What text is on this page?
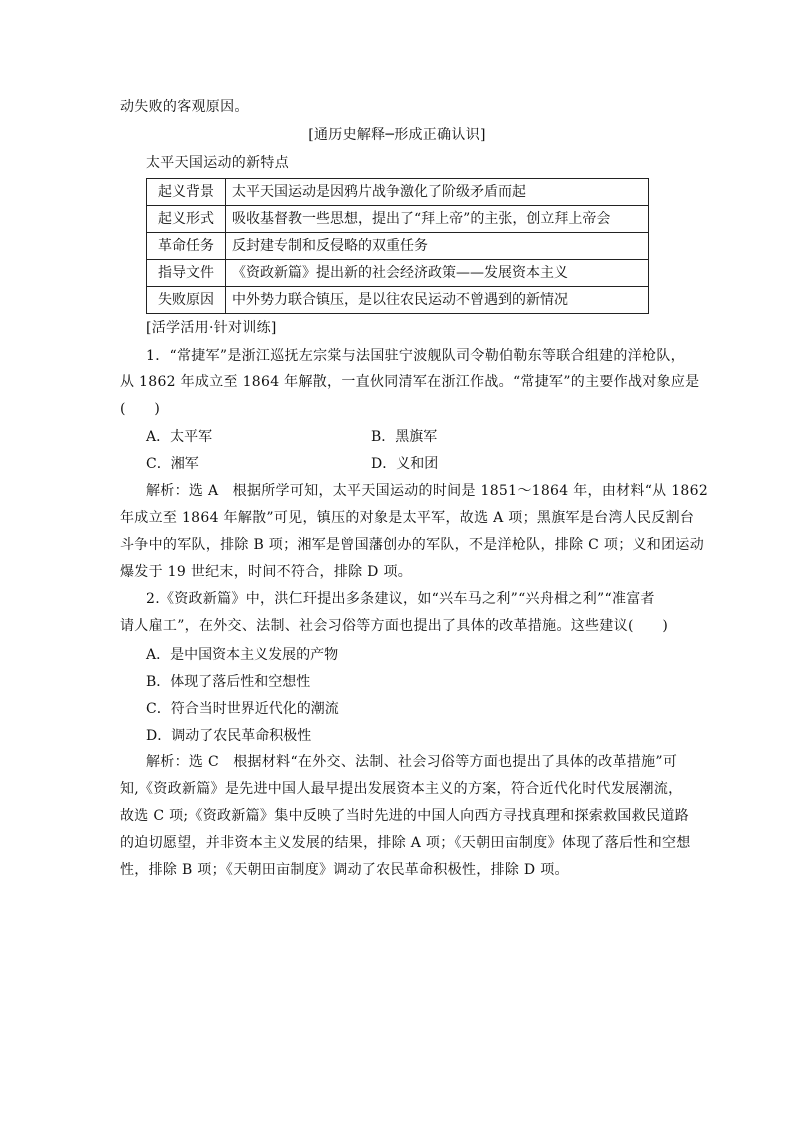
动失败的客观原因。
[通历史解释─形成正确认识]
太平天国运动的新特点
起义背景	太平天国运动是因鸦片战争激化了阶级矛盾而起
起义形式	吸收基督教一些思想，提出了“拜上帝”的主张，创立拜上帝会
革命任务	反封建专制和反侵略的双重任务
指导文件	《资政新篇》提出新的社会经济政策——发展资本主义
失败原因	中外势力联合镇压，是以往农民运动不曾遇到的新情况
[活学活用·针对训练]
1．“常捷军”是浙江巡抚左宗棠与法国驻宁波舰队司令勒伯勒东等联合组建的洋枪队，
从 1862 年成立至 1864 年解散，一直伙同清军在浙江作战。“常捷军”的主要作战对象应是
(　　)
A．太平军	B．黑旗军
C．湘军	D．义和团
解析：选 A　根据所学可知，太平天国运动的时间是 1851～1864 年，由材料“从 1862
年成立至 1864 年解散”可见，镇压的对象是太平军，故选 A 项；黑旗军是台湾人民反割台
斗争中的军队，排除 B 项；湘军是曾国藩创办的军队，不是洋枪队，排除 C 项；义和团运动
爆发于 19 世纪末，时间不符合，排除 D 项。
2.《资政新篇》中，洪仁玕提出多条建议，如“兴车马之利”“兴舟楫之利”“准富者
请人雇工”，在外交、法制、社会习俗等方面也提出了具体的改革措施。这些建议(　　)
A．是中国资本主义发展的产物
B．体现了落后性和空想性
C．符合当时世界近代化的潮流
D．调动了农民革命积极性
解析：选 C　根据材料“在外交、法制、社会习俗等方面也提出了具体的改革措施”可
知,《资政新篇》是先进中国人最早提出发展资本主义的方案，符合近代化时代发展潮流，
故选 C 项;《资政新篇》集中反映了当时先进的中国人向西方寻找真理和探索救国救民道路
的迫切愿望，并非资本主义发展的结果，排除 A 项；《天朝田亩制度》体现了落后性和空想
性，排除 B 项；《天朝田亩制度》调动了农民革命积极性，排除 D 项。
